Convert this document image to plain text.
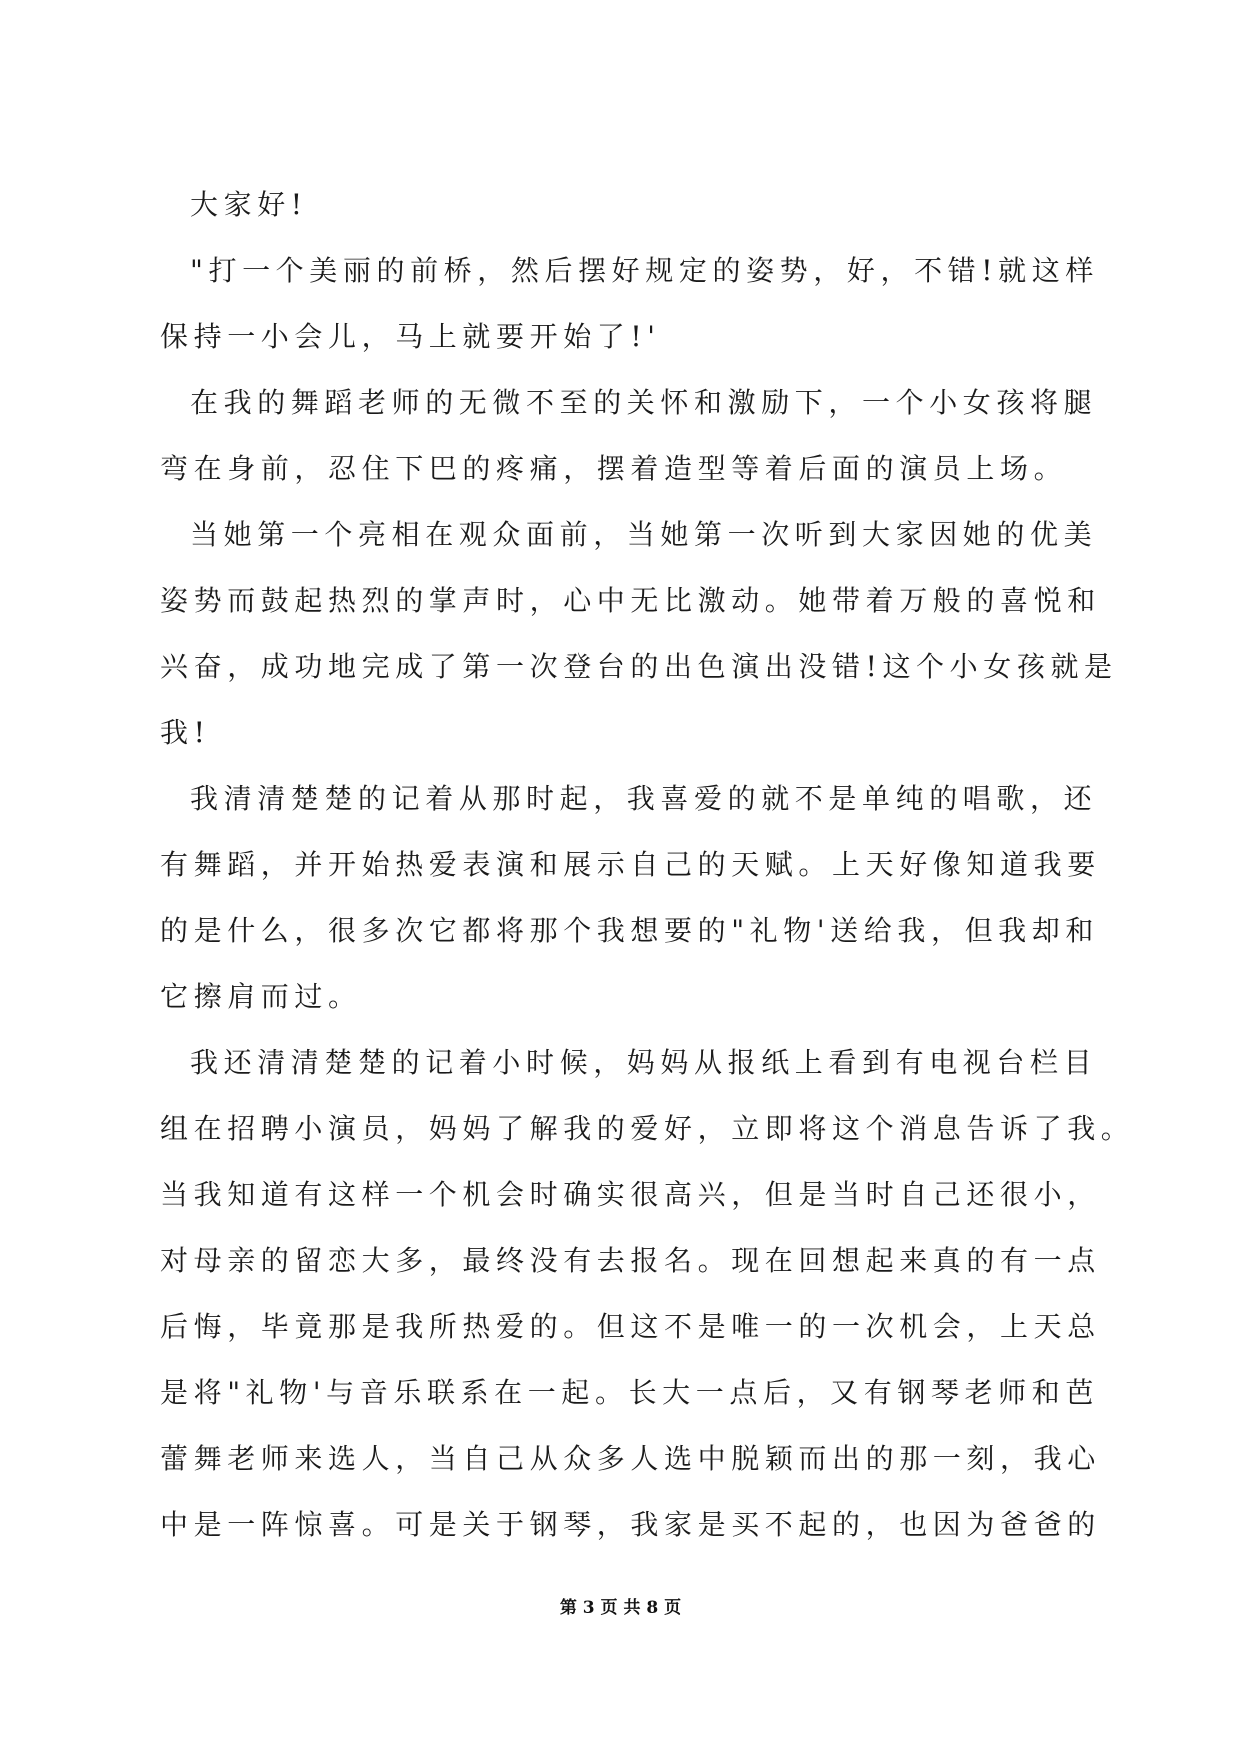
大家好!
"打一个美丽的前桥，然后摆好规定的姿势，好，不错!就这样
保持一小会儿，马上就要开始了!'
在我的舞蹈老师的无微不至的关怀和激励下，一个小女孩将腿
弯在身前，忍住下巴的疼痛，摆着造型等着后面的演员上场。
当她第一个亮相在观众面前，当她第一次听到大家因她的优美
姿势而鼓起热烈的掌声时，心中无比激动。她带着万般的喜悦和
兴奋，成功地完成了第一次登台的出色演出没错!这个小女孩就是
我!
我清清楚楚的记着从那时起，我喜爱的就不是单纯的唱歌，还
有舞蹈，并开始热爱表演和展示自己的天赋。上天好像知道我要
的是什么，很多次它都将那个我想要的"礼物'送给我，但我却和
它擦肩而过。
我还清清楚楚的记着小时候，妈妈从报纸上看到有电视台栏目
组在招聘小演员，妈妈了解我的爱好，立即将这个消息告诉了我。
当我知道有这样一个机会时确实很高兴，但是当时自己还很小，
对母亲的留恋大多，最终没有去报名。现在回想起来真的有一点
后悔，毕竟那是我所热爱的。但这不是唯一的一次机会，上天总
是将"礼物'与音乐联系在一起。长大一点后，又有钢琴老师和芭
蕾舞老师来选人，当自己从众多人选中脱颖而出的那一刻，我心
中是一阵惊喜。可是关于钢琴，我家是买不起的，也因为爸爸的
第 3 页 共 8 页
